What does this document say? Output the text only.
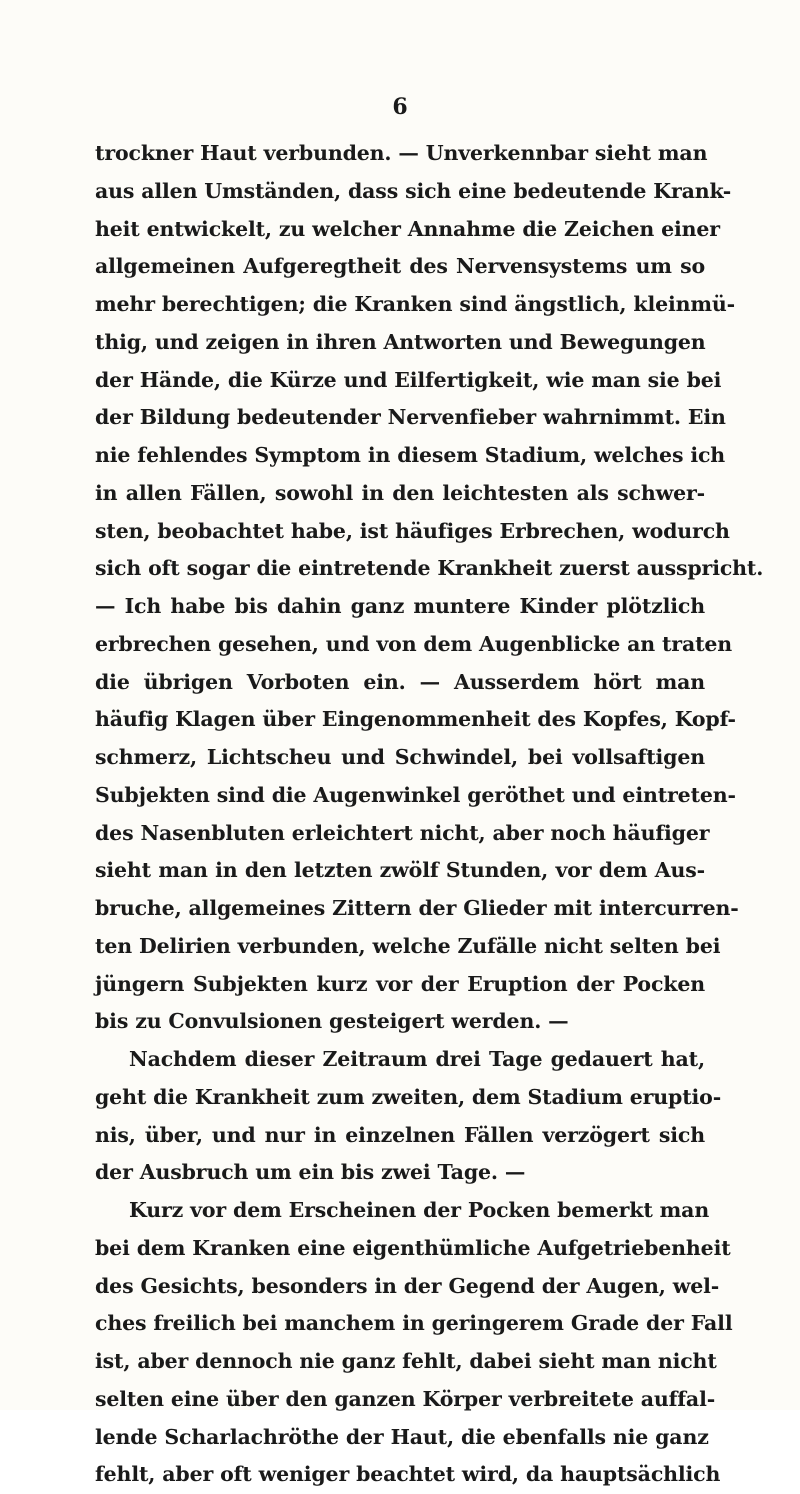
6
trockner Haut verbunden. — Unverkennbar sieht man
aus allen Umständen, dass sich eine bedeutende Krank-
heit entwickelt, zu welcher Annahme die Zeichen einer
allgemeinen Aufgeregtheit des Nervensystems um so
mehr berechtigen; die Kranken sind ängstlich, kleinmü-
thig, und zeigen in ihren Antworten und Bewegungen
der Hände, die Kürze und Eilfertigkeit, wie man sie bei
der Bildung bedeutender Nervenfieber wahrnimmt. Ein
nie fehlendes Symptom in diesem Stadium, welches ich
in allen Fällen, sowohl in den leichtesten als schwer-
sten, beobachtet habe, ist häufiges Erbrechen, wodurch
sich oft sogar die eintretende Krankheit zuerst ausspricht.
— Ich habe bis dahin ganz muntere Kinder plötzlich
erbrechen gesehen, und von dem Augenblicke an traten
die übrigen Vorboten ein. — Ausserdem hört man
häufig Klagen über Eingenommenheit des Kopfes, Kopf-
schmerz, Lichtscheu und Schwindel, bei vollsaftigen
Subjekten sind die Augenwinkel geröthet und eintreten-
des Nasenbluten erleichtert nicht, aber noch häufiger
sieht man in den letzten zwölf Stunden, vor dem Aus-
bruche, allgemeines Zittern der Glieder mit intercurren-
ten Delirien verbunden, welche Zufälle nicht selten bei
jüngern Subjekten kurz vor der Eruption der Pocken
bis zu Convulsionen gesteigert werden. —
Nachdem dieser Zeitraum drei Tage gedauert hat,
geht die Krankheit zum zweiten, dem Stadium eruptio-
nis, über, und nur in einzelnen Fällen verzögert sich
der Ausbruch um ein bis zwei Tage. —
Kurz vor dem Erscheinen der Pocken bemerkt man
bei dem Kranken eine eigenthümliche Aufgetriebenheit
des Gesichts, besonders in der Gegend der Augen, wel-
ches freilich bei manchem in geringerem Grade der Fall
ist, aber dennoch nie ganz fehlt, dabei sieht man nicht
selten eine über den ganzen Körper verbreitete auffal-
lende Scharlachröthe der Haut, die ebenfalls nie ganz
fehlt, aber oft weniger beachtet wird, da hauptsächlich
